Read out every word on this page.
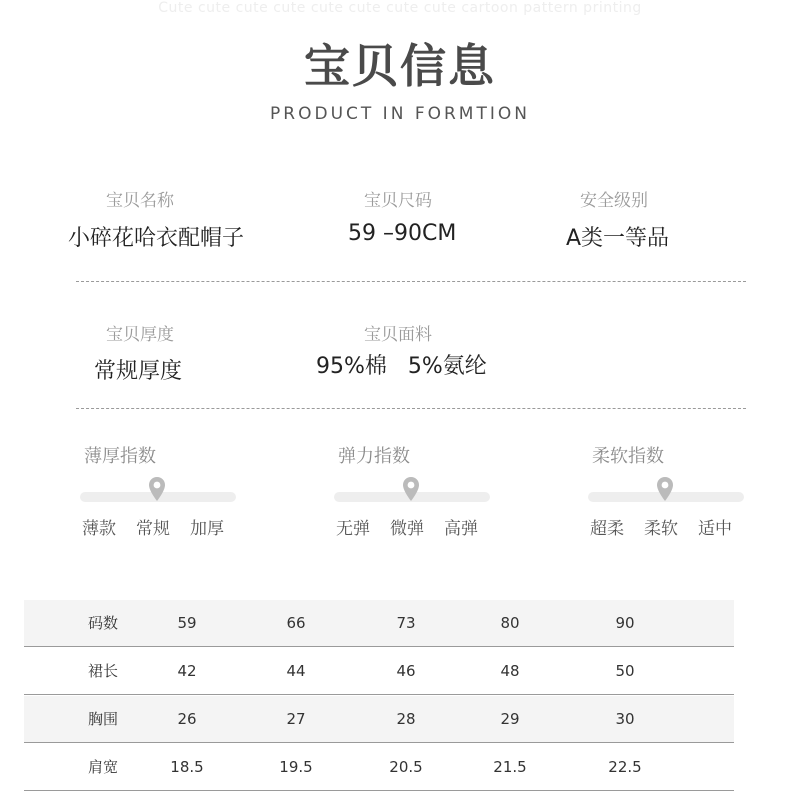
Cute cute cute cute cute cute cute cute cartoon pattern printing
宝贝信息
PRODUCT IN FORMTION
宝贝名称
小碎花哈衣配帽子
宝贝尺码
59 –90CM
安全级别
A类一等品
宝贝厚度
常规厚度
宝贝面料
95%棉   5%氨纶
薄厚指数
薄款 常规 加厚
弹力指数
无弹 微弹 高弹
柔软指数
超柔 柔软 适中
码数	59	66	73	80	90
裙长	42	44	46	48	50
胸围	26	27	28	29	30
肩宽	18.5	19.5	20.5	21.5	22.5
